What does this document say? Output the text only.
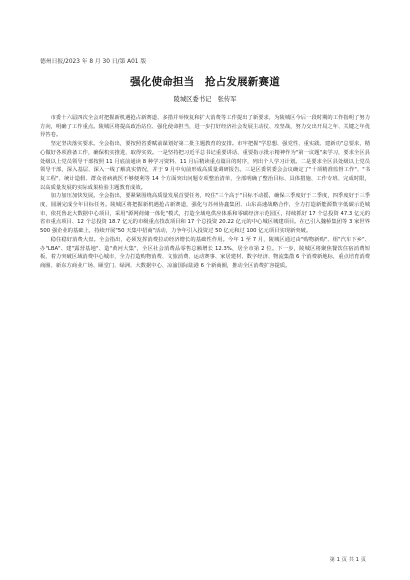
德州日报/2023 年 8 月 30 日/第 A01 版
强化使命担当　抢占发展新赛道
陵城区委书记　张传军

市委十六届四次全会对把握新机遇抢占新赛道、多措并举恢复和扩大消费等工作提出了新要求，为陵城区今后一段时期的工作指明了努力方向，明确了工作重点。陵城区将提高政治站位、强化使命担当，进一步打好经济社会发展主动仗、攻坚战，努力交出开局之年、关键之年优异答卷。

坚定坚决落实要求。全会指出，要按照省委赋前谋划好第二批主题教育的安排。市牢把握"学思想、强党性、重实践、建新功"总要求，精心做好各项准备工作，确保机实推进，取得实效。一是坚持把习近平总书记重要讲话、重要指示批示精神作为"第一议题"来学习，要求全区县处级以上党员领导干部按照 11 月底前通读 8 种学习资料、11 月后精读重点篇目的时序，列出个人学习计划。二是要求全区县处级以上党员领导干部，深入基层、深入一线了解真实情况，并于 9 月中旬前形成高质量调研报告。三是区委常委会会议确定了"十项精准监督工作"、"书复工程"、统计造假、群众者病就医不够便利等 14 个方面突出问题专项整治清单，全部明确了整治目标、具体措施、工作专班、完成时限，以高质量发展的实际成果检验主题教育成效。

加力加压加快发展。全会指出，要紧紧围绕高质量发展首要任务，咬住"三个高于"目标不动摇，确保三季度好于二季度，四季度好于三季度，圆满完成全年目标任务。陵城区将把握新机遇抢占新赛道，强化与苏州协鑫集团、山东高速战略合作，全力打造新能源数字低碳示范城市，依托鲁北大数据中心项目，采用"源网荷储一体化"模式，打造全域电供应体系和零碳经济示范园区，持续抓好 17 个总投资 47.3 亿元的省市重点项目、12 个总投资 18.7 亿元的市级重点技改项目和 17 个总投资 20.22 亿元的中心城区城建项目。在已引入魏桥集团等 3 家世界 500 强企业的基础上，持续开展"50 天集中招商"活动，力争年引入投资过 50 亿元和过 100 亿元项目实现新突破。

稳住稳好消费大盘。全会指出，必须发挥消费拉动经济增长的基础性作用。今年 1 至 7 月，陵城区通过由"购物新购"、组"汽车下乡"、办"LBA"、建"露营基地"、造"黄河大集"，全区社会消费品零售总额增长 12.3%，居全市第 2 位。下一步，陵城区将聚焦餐饮住宿消费短板，着力突破区域消费中心城市，全力打造购物消费、文旅消费、运动赛事、家居建材、数字经济、物流集散 6 个消费新地标，重点培育消费商圈、新东方商业广场、颐堂门、绿洲、大数据中心、凉渝国际陆港 6 个新商圈，推动全区消费扩容提质。

第 1 页 共 1 页
